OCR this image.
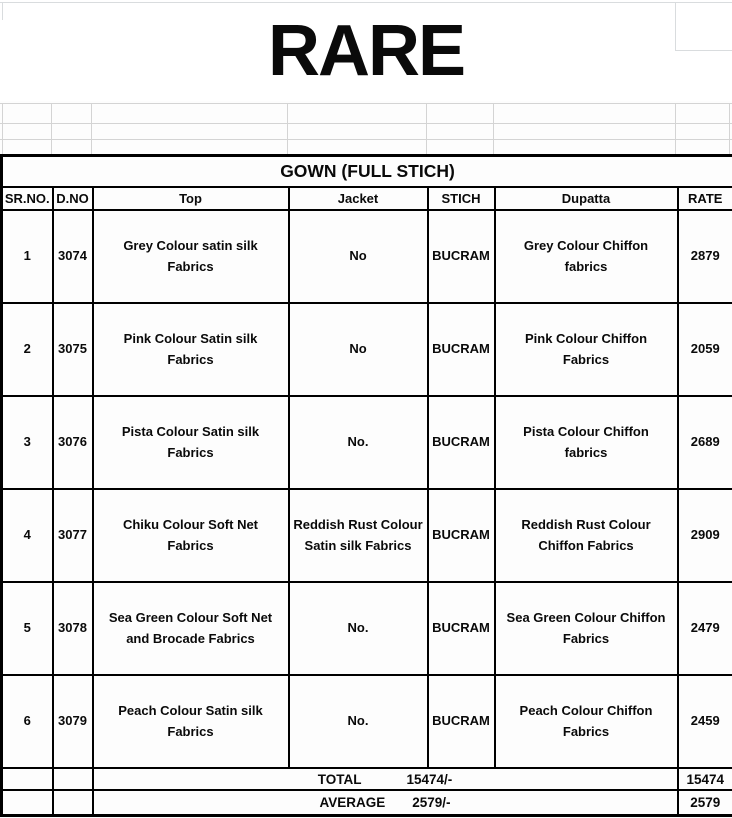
RARE
GOWN (FULL STICH)						
SR.NO.	D.NO	Top	Jacket	STICH	Dupatta	RATE
1	3074	Grey Colour satin silk Fabrics	No	BUCRAM	Grey Colour Chiffon fabrics	2879
2	3075	Pink Colour Satin silk Fabrics	No	BUCRAM	Pink Colour Chiffon Fabrics	2059
3	3076	Pista Colour Satin silk Fabrics	No.	BUCRAM	Pista Colour Chiffon fabrics	2689
4	3077	Chiku Colour Soft Net Fabrics	Reddish Rust Colour Satin silk Fabrics	BUCRAM	Reddish Rust Colour Chiffon Fabrics	2909
5	3078	Sea Green Colour Soft Net and Brocade Fabrics	No.	BUCRAM	Sea Green Colour Chiffon Fabrics	2479
6	3079	Peach Colour Satin silk Fabrics	No.	BUCRAM	Peach Colour Chiffon Fabrics	2459

		TOTAL 15474/-				15474

		AVERAGE 2579/-				2579
